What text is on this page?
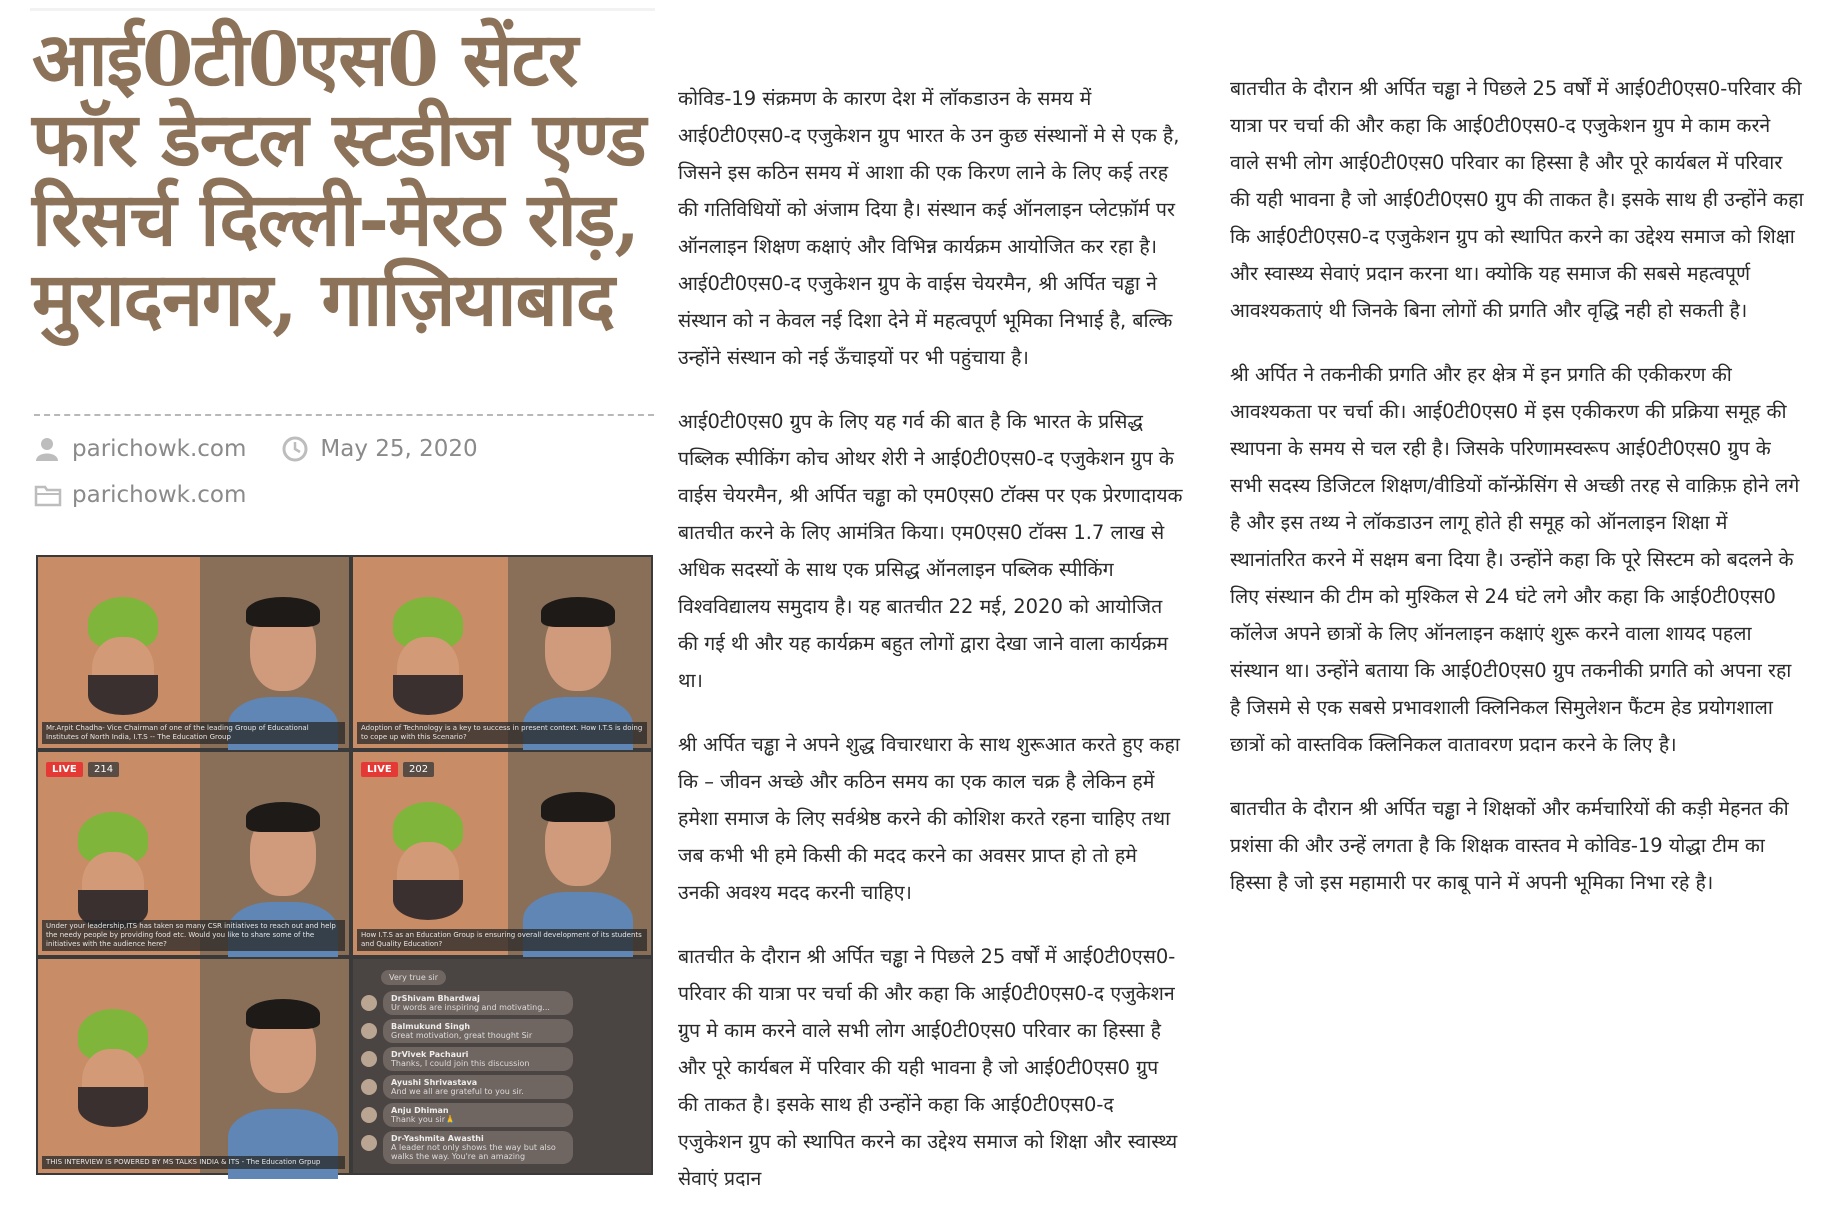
आई0टी0एस0 सेंटर फॉर डेन्टल स्टडीज एण्ड रिसर्च दिल्ली-मेरठ रोड़, मुरादनगर, गाज़ियाबाद
parichowk.com	May 25, 2020
parichowk.com
Mr.Arpit Chadha- Vice Chairman of one of the leading Group of Educational Institutes of North India, I.T.S -- The Education Group
Adoption of Technology is a key to success in present context. How I.T.S is doing to cope up with this Scenario?
LIVE	214
Under your leadership,ITS has taken so many CSR initiatives to reach out and help the needy people by providing food etc. Would you like to share some of the initiatives with the audience here?
LIVE	202
How I.T.S as an Education Group is ensuring overall development of its students and Quality Education?
THIS INTERVIEW IS POWERED BY MS TALKS INDIA & ITS - The Education Grpup
Very true sir
DrShivam Bhardwaj
Ur words are inspiring and motivating...
Balmukund Singh
Great motivation, great thought Sir
DrVivek Pachauri
Thanks, I could join this discussion
Ayushi Shrivastava
And we all are grateful to you sir.
Anju Dhiman
Thank you sir🙏
Dr-Yashmita Awasthi
A leader not only shows the way but also walks the way. You're an amazing

कोविड-19 संक्रमण के कारण देश में लॉकडाउन के समय में आई0टी0एस0-द एजुकेशन ग्रुप भारत के उन कुछ संस्थानों मे से एक है, जिसने इस कठिन समय में आशा की एक किरण लाने के लिए कई तरह की गतिविधियों को अंजाम दिया है। संस्थान कई ऑनलाइन प्लेटफ़ॉर्म पर ऑनलाइन शिक्षण कक्षाएं और विभिन्न कार्यक्रम आयोजित कर रहा है। आई0टी0एस0-द एजुकेशन ग्रुप के वाईस चेयरमैन, श्री अर्पित चड्ढा ने संस्थान को न केवल नई दिशा देने में महत्वपूर्ण भूमिका निभाई है, बल्कि उन्होंने संस्थान को नई ऊँचाइयों पर भी पहुंचाया है।

आई0टी0एस0 ग्रुप के लिए यह गर्व की बात है कि भारत के प्रसिद्ध पब्लिक स्पीकिंग कोच ओथर शेरी ने आई0टी0एस0-द एजुकेशन ग्रुप के वाईस चेयरमैन, श्री अर्पित चड्ढा को एम0एस0 टॉक्स पर एक प्रेरणादायक बातचीत करने के लिए आमंत्रित किया। एम0एस0 टॉक्स 1.7 लाख से अधिक सदस्यों के साथ एक प्रसिद्ध ऑनलाइन पब्लिक स्पीकिंग विश्वविद्यालय समुदाय है। यह बातचीत 22 मई, 2020 को आयोजित की गई थी और यह कार्यक्रम बहुत लोगों द्वारा देखा जाने वाला कार्यक्रम था।

श्री अर्पित चड्ढा ने अपने शुद्ध विचारधारा के साथ शुरूआत करते हुए कहा कि – जीवन अच्छे और कठिन समय का एक काल चक्र है लेकिन हमें हमेशा समाज के लिए सर्वश्रेष्ठ करने की कोशिश करते रहना चाहिए तथा जब कभी भी हमे किसी की मदद करने का अवसर प्राप्त हो तो हमे उनकी अवश्य मदद करनी चाहिए।

बातचीत के दौरान श्री अर्पित चड्ढा ने पिछले 25 वर्षों में आई0टी0एस0-परिवार की यात्रा पर चर्चा की और कहा कि आई0टी0एस0-द एजुकेशन ग्रुप मे काम करने वाले सभी लोग आई0टी0एस0 परिवार का हिस्सा है और पूरे कार्यबल में परिवार की यही भावना है जो आई0टी0एस0 ग्रुप की ताकत है। इसके साथ ही उन्होंने कहा कि आई0टी0एस0-द एजुकेशन ग्रुप को स्थापित करने का उद्देश्य समाज को शिक्षा और स्वास्थ्य सेवाएं प्रदान

बातचीत के दौरान श्री अर्पित चड्ढा ने पिछले 25 वर्षों में आई0टी0एस0-परिवार की यात्रा पर चर्चा की और कहा कि आई0टी0एस0-द एजुकेशन ग्रुप मे काम करने वाले सभी लोग आई0टी0एस0 परिवार का हिस्सा है और पूरे कार्यबल में परिवार की यही भावना है जो आई0टी0एस0 ग्रुप की ताकत है। इसके साथ ही उन्होंने कहा कि आई0टी0एस0-द एजुकेशन ग्रुप को स्थापित करने का उद्देश्य समाज को शिक्षा और स्वास्थ्य सेवाएं प्रदान करना था। क्योकि यह समाज की सबसे महत्वपूर्ण आवश्यकताएं थी जिनके बिना लोगों की प्रगति और वृद्धि नही हो सकती है।

श्री अर्पित ने तकनीकी प्रगति और हर क्षेत्र में इन प्रगति की एकीकरण की आवश्यकता पर चर्चा की। आई0टी0एस0 में इस एकीकरण की प्रक्रिया समूह की स्थापना के समय से चल रही है। जिसके परिणामस्वरूप आई0टी0एस0 ग्रुप के सभी सदस्य डिजिटल शिक्षण/वीडियों कॉन्फ्रेंसिंग से अच्छी तरह से वाक़िफ़ होने लगे है और इस तथ्य ने लॉकडाउन लागू होते ही समूह को ऑनलाइन शिक्षा में स्थानांतरित करने में सक्षम बना दिया है। उन्होंने कहा कि पूरे सिस्टम को बदलने के लिए संस्थान की टीम को मुश्किल से 24 घंटे लगे और कहा कि आई0टी0एस0 कॉलेज अपने छात्रों के लिए ऑनलाइन कक्षाएं शुरू करने वाला शायद पहला संस्थान था। उन्होंने बताया कि आई0टी0एस0 ग्रुप तकनीकी प्रगति को अपना रहा है जिसमे से एक सबसे प्रभावशाली क्लिनिकल सिमुलेशन फैंटम हेड प्रयोगशाला छात्रों को वास्तविक क्लिनिकल वातावरण प्रदान करने के लिए है।

बातचीत के दौरान श्री अर्पित चड्ढा ने शिक्षकों और कर्मचारियों की कड़ी मेहनत की प्रशंसा की और उन्हें लगता है कि शिक्षक वास्तव मे कोविड-19 योद्धा टीम का हिस्सा है जो इस महामारी पर काबू पाने में अपनी भूमिका निभा रहे है।
